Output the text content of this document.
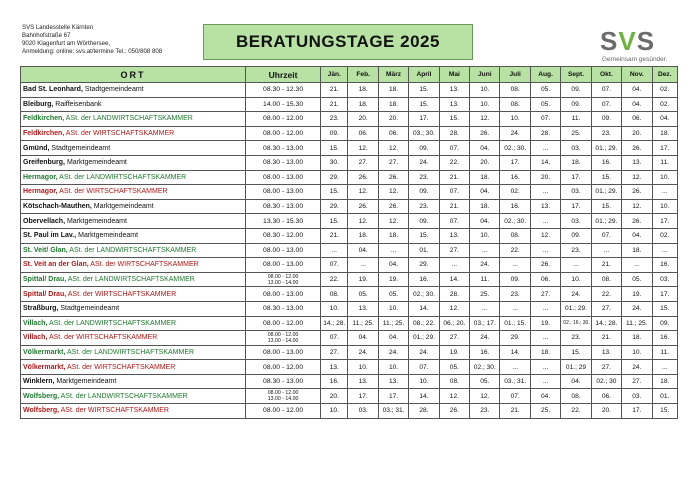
SVS Landesstelle Kärnten
Bahnhofstraße 67
9020 Klagenfurt am Wörthersee,
Anmeldung: online: svs.at/termine Tel.: 050/808 808
BERATUNGSTAGE 2025	SVS
Gemeinsam gesünder.
ORT	Uhrzeit	Jän.	Feb.	März	April	Mai	Juni	Juli	Aug.	Sept.	Okt.	Nov.	Dez.
Bad St. Leonhard, Stadtgemeindeamt	08.30 - 12.30	21.	18.	18.	15.	13.	10.	08.	05.	09.	07.	04.	02.
Bleiburg, Raiffeisenbank	14.00 - 15.30	21.	18.	18.	15.	13.	10.	08.	05.	09.	07.	04.	02.
Feldkirchen, ASt. der LANDWIRTSCHAFTSKAMMER	08.00 - 12.00	23.	20.	20.	17.	15.	12.	10.	07.	11.	09.	06.	04.
Feldkirchen, ASt. der WIRTSCHAFTSKAMMER	08.00 - 12.00	09.	06.	06.	03.; 30.	28.	26.	24.	28.	25.	23.	20.	18.
Gmünd, Stadtgemeindeamt	08.30 - 13.00	15.	12.	12.	09.	07.	04.	02.; 30.	...	03.	01.; 29.	26.	17.
Greifenburg, Marktgemeindeamt	08.30 - 13.00	30.	27.	27.	24.	22.	20.	17.	14.	18.	16.	13.	11.
Hermagor, ASt. der LANDWIRTSCHAFTSKAMMER	08.00 - 13.00	29.	26.	26.	23.	21.	18.	16.	20.	17.	15.	12.	10.
Hermagor, ASt. der WIRTSCHAFTSKAMMER	08.00 - 13.00	15.	12.	12.	09.	07.	04.	02.	...	03.	01.; 29.	26.	...
Kötschach-Mauthen, Marktgemeindeamt	08.30 - 13.00	29.	26.	26.	23.	21.	18.	16.	13.	17.	15.	12.	10.
Obervellach, Marktgemeindeamt	13.30 - 15.30	15.	12.	12.	09.	07.	04.	02.; 30.	...	03.	01.; 29.	26.	17.
St. Paul im Lav., Marktgemeindeamt	08.30 - 12.00	21.	18.	18.	15.	13.	10.	08.	12.	09.	07.	04.	02.
St. Veit/ Glan, ASt. der LANDWIRTSCHAFTSKAMMER	08.00 - 13.00	...	04.	...	01.	27.	...	22.	...	23.	...	18.	...
St. Veit an der Glan, ASt. der WIRTSCHAFTSKAMMER	08.00 - 13.00	07.	...	04.	29.	...	24.	...	26.	...	21.	...	16.
Spittal/ Drau, ASt. der LANDWIRTSCHAFTSKAMMER	08.00 - 12.00
13.00 - 14.00	22.	19.	19.	16.	14.	11.	09.	06.	10.	08.	05.	03.
Spittal/ Drau, ASt. der WIRTSCHAFTSKAMMER	08.00 - 13.00	08.	05.	05.	02.; 30.	28.	25.	23.	27.	24.	22.	19.	17.
Straßburg, Stadtgemeindeamt	08.30 - 13.00	10.	13.	10.	14.	12.	...	...	...	01.; 29.	27.	24.	15.
Villach, ASt. der LANDWIRTSCHAFTSKAMMER	08.00 - 12.00	14.; 28.	11.; 25.	11.; 25.	08.; 22.	06.; 20.	03.; 17.	01.; 15.	19.	02.; 16.; 30.	14.; 28.	11.; 25.	09.
Villach, ASt. der WIRTSCHAFTSKAMMER	08.00 - 12.00
13.00 - 14.00	07.	04.	04.	01.; 29.	27.	24.	29.	...	23.	21.	18.	16.
Völkermarkt, ASt. der LANDWIRTSCHAFTSKAMMER	08.00 - 13.00	27.	24.	24.	24.	19.	16.	14.	18.	15.	13.	10.	11.
Völkermarkt, ASt. der WIRTSCHAFTSKAMMER	08.00 - 12.00	13.	10.	10.	07.	05.	02.; 30.	...	...	01.; 29	27.	24.	...
Winklern, Marktgemeindeamt	08.30 - 13.00	16.	13.	13.	10.	08.	05.	03.; 31.	...	04.	02.; 30	27.	18.
Wolfsberg, ASt. der LANDWIRTSCHAFTSKAMMER	08.00 - 12.00
13.00 - 14.00	20.	17.	17.	14.	12.	12.	07.	04.	08.	06.	03.	01.
Wolfsberg, ASt. der WIRTSCHAFTSKAMMER	08.00 - 12.00	10.	03.	03.; 31.	28.	26.	23.	21.	25.	22.	20.	17.	15.
